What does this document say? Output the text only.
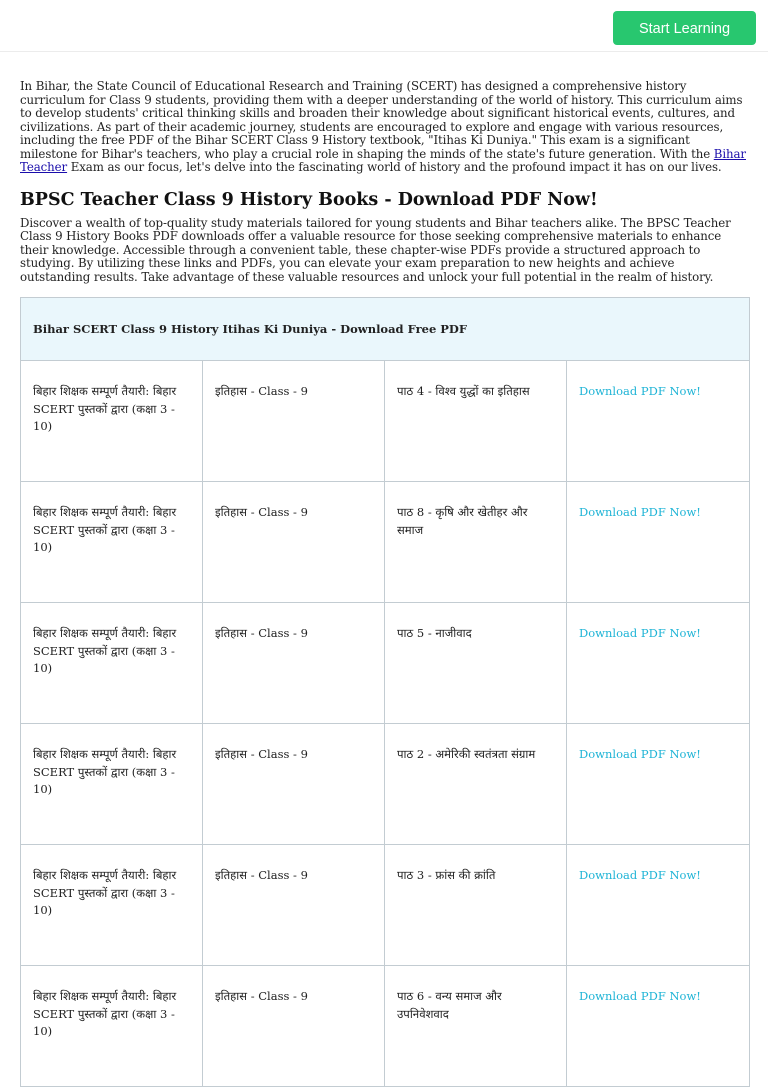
Start Learning

In Bihar, the State Council of Educational Research and Training (SCERT) has designed a comprehensive history curriculum for Class 9 students, providing them with a deeper understanding of the world of history. This curriculum aims to develop students' critical thinking skills and broaden their knowledge about significant historical events, cultures, and civilizations. As part of their academic journey, students are encouraged to explore and engage with various resources, including the free PDF of the Bihar SCERT Class 9 History textbook, "Itihas Ki Duniya." This exam is a significant milestone for Bihar's teachers, who play a crucial role in shaping the minds of the state's future generation. With the Bihar Teacher Exam as our focus, let's delve into the fascinating world of history and the profound impact it has on our lives.

BPSC Teacher Class 9 History Books - Download PDF Now!

Discover a wealth of top-quality study materials tailored for young students and Bihar teachers alike. The BPSC Teacher Class 9 History Books PDF downloads offer a valuable resource for those seeking comprehensive materials to enhance their knowledge. Accessible through a convenient table, these chapter-wise PDFs provide a structured approach to studying. By utilizing these links and PDFs, you can elevate your exam preparation to new heights and achieve outstanding results. Take advantage of these valuable resources and unlock your full potential in the realm of history.

Bihar SCERT Class 9 History Itihas Ki Duniya - Download Free PDF			
बिहार शिक्षक सम्पूर्ण तैयारी: बिहार SCERT पुस्तकों द्वारा (कक्षा 3 - 10)	इतिहास - Class - 9	पाठ 4 - विश्व युद्धों का इतिहास	Download PDF Now!
बिहार शिक्षक सम्पूर्ण तैयारी: बिहार SCERT पुस्तकों द्वारा (कक्षा 3 - 10)	इतिहास - Class - 9	पाठ 8 - कृषि और खेतीहर और समाज	Download PDF Now!
बिहार शिक्षक सम्पूर्ण तैयारी: बिहार SCERT पुस्तकों द्वारा (कक्षा 3 - 10)	इतिहास - Class - 9	पाठ 5 - नाजीवाद	Download PDF Now!
बिहार शिक्षक सम्पूर्ण तैयारी: बिहार SCERT पुस्तकों द्वारा (कक्षा 3 - 10)	इतिहास - Class - 9	पाठ 2 - अमेरिकी स्वतंत्रता संग्राम	Download PDF Now!
बिहार शिक्षक सम्पूर्ण तैयारी: बिहार SCERT पुस्तकों द्वारा (कक्षा 3 - 10)	इतिहास - Class - 9	पाठ 3 - फ्रांस की क्रांति	Download PDF Now!
बिहार शिक्षक सम्पूर्ण तैयारी: बिहार SCERT पुस्तकों द्वारा (कक्षा 3 - 10)	इतिहास - Class - 9	पाठ 6 - वन्य समाज और उपनिवेशवाद	Download PDF Now!
